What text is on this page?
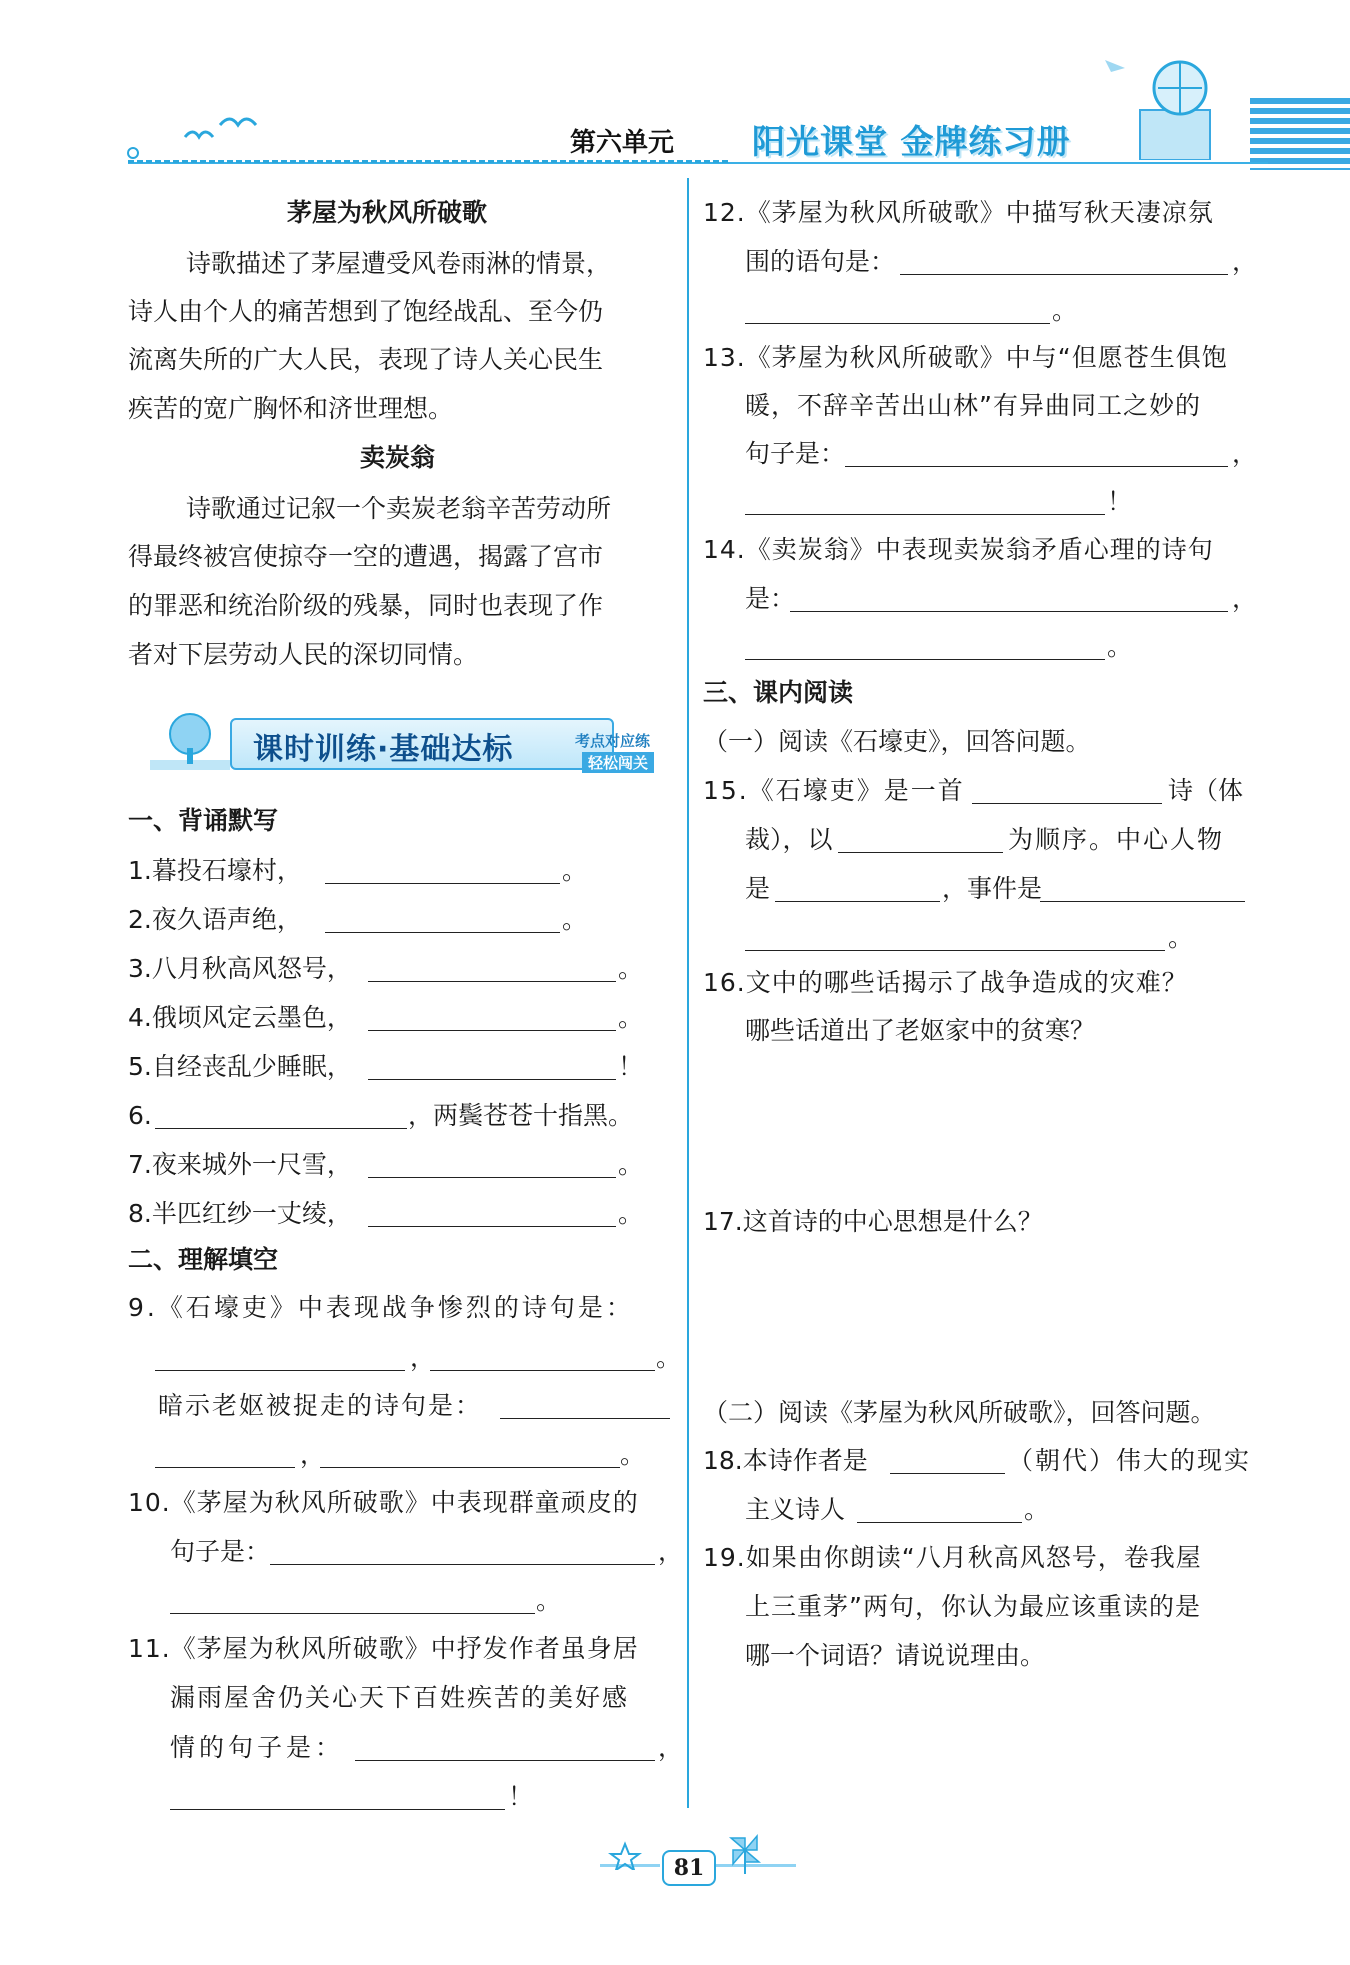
第六单元 阳光课堂 金牌练习册
茅屋为秋风所破歌
诗歌描述了茅屋遭受风卷雨淋的情景，
诗人由个人的痛苦想到了饱经战乱、至今仍
流离失所的广大人民，表现了诗人关心民生
疾苦的宽广胸怀和济世理想。
卖炭翁
诗歌通过记叙一个卖炭老翁辛苦劳动所
得最终被宫使掠夺一空的遭遇，揭露了宫市
的罪恶和统治阶级的残暴，同时也表现了作
者对下层劳动人民的深切同情。
课时训练·基础达标	考点对应练
轻松闯关
一、背诵默写
1.暮投石壕村，	。
2.夜久语声绝，	。
3.八月秋高风怒号，	。
4.俄顷风定云墨色，	。
5.自经丧乱少睡眠，	！
6.	，两鬓苍苍十指黑。
7.夜来城外一尺雪，	。
8.半匹红纱一丈绫，	。
二、理解填空
9.《石壕吏》中表现战争惨烈的诗句是：
，	。
暗示老妪被捉走的诗句是：
，	。
10.《茅屋为秋风所破歌》中表现群童顽皮的
句子是：	，
。
11.《茅屋为秋风所破歌》中抒发作者虽身居
漏雨屋舍仍关心天下百姓疾苦的美好感
情的句子是：	，
！
12.《茅屋为秋风所破歌》中描写秋天凄凉氛
围的语句是：	，
。
13.《茅屋为秋风所破歌》中与“但愿苍生俱饱
暖，不辞辛苦出山林”有异曲同工之妙的
句子是：	，
！
14.《卖炭翁》中表现卖炭翁矛盾心理的诗句
是：	，
。
三、课内阅读
（一）阅读《石壕吏》，回答问题。
15.《石壕吏》是一首	诗（体
裁），以	为顺序。中心人物
是	，事件是
。
16.文中的哪些话揭示了战争造成的灾难？
哪些话道出了老妪家中的贫寒？
17.这首诗的中心思想是什么？
（二）阅读《茅屋为秋风所破歌》，回答问题。
18.本诗作者是	（朝代）伟大的现实
主义诗人	。
19.如果由你朗读“八月秋高风怒号，卷我屋
上三重茅”两句，你认为最应该重读的是
哪一个词语？请说说理由。
81
